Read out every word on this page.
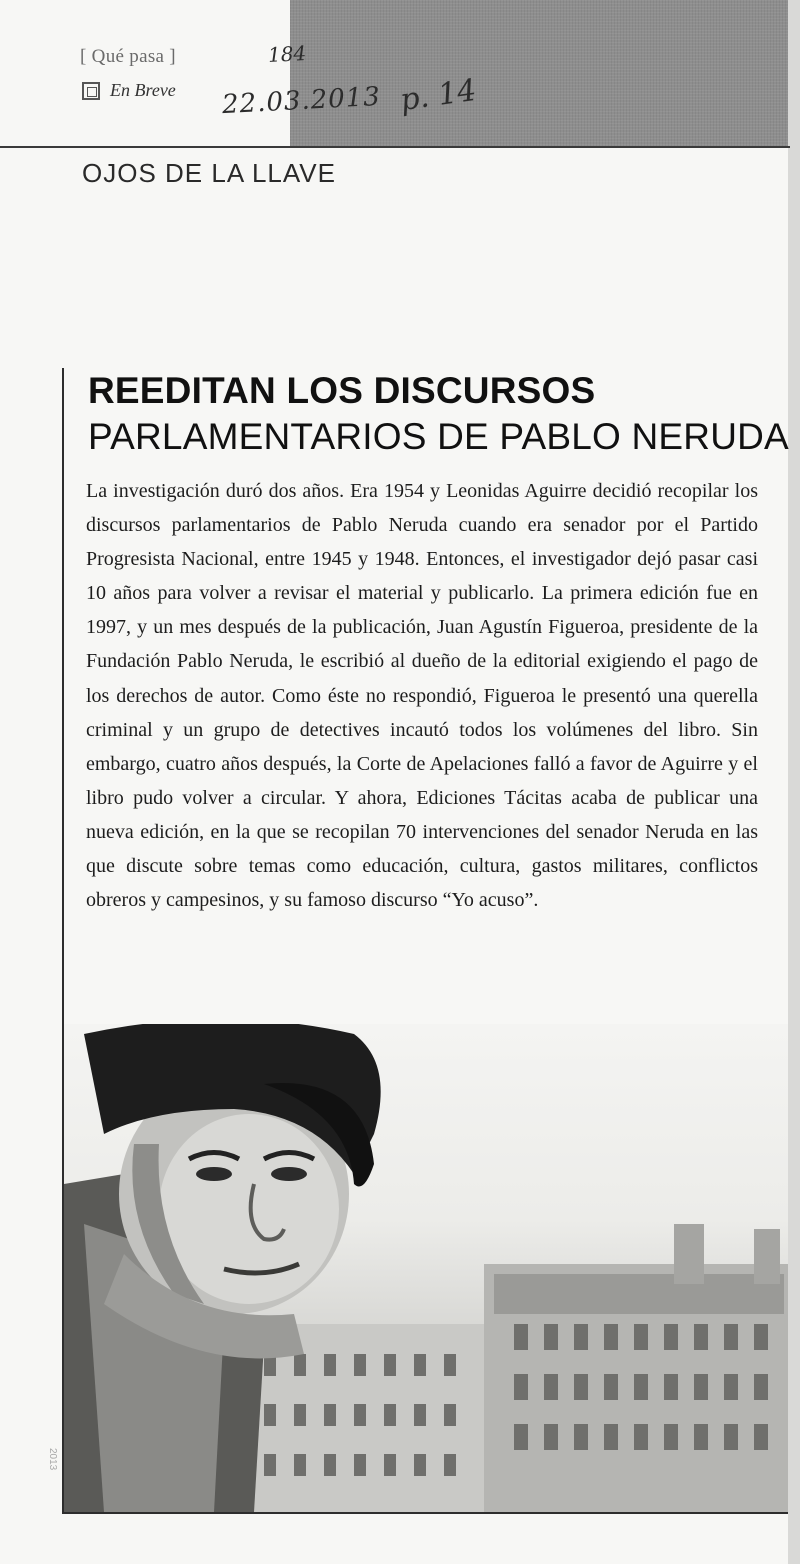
[ Qué pasa ]
En Breve
184
22.03.2013 p. 14
OJOS DE LA LLAVE
REEDITAN LOS DISCURSOS
PARLAMENTARIOS DE PABLO NERUDA
La investigación duró dos años. Era 1954 y Leonidas Aguirre decidió recopilar los discursos parlamentarios de Pablo Neruda cuando era senador por el Partido Progresista Nacional, entre 1945 y 1948. Entonces, el investigador dejó pasar casi 10 años para volver a revisar el material y publicarlo. La primera edición fue en 1997, y un mes después de la publicación, Juan Agustín Figueroa, presidente de la Fundación Pablo Neruda, le escribió al dueño de la editorial exigiendo el pago de los derechos de autor. Como éste no respondió, Figueroa le presentó una querella criminal y un grupo de detectives incautó todos los volúmenes del libro. Sin embargo, cuatro años después, la Corte de Apelaciones falló a favor de Aguirre y el libro pudo volver a circular. Y ahora, Ediciones Tácitas acaba de publicar una nueva edición, en la que se recopilan 70 intervenciones del senador Neruda en las que discute sobre temas como educación, cultura, gastos militares, conflictos obreros y campesinos, y su famoso discurso “Yo acuso”.
2013
